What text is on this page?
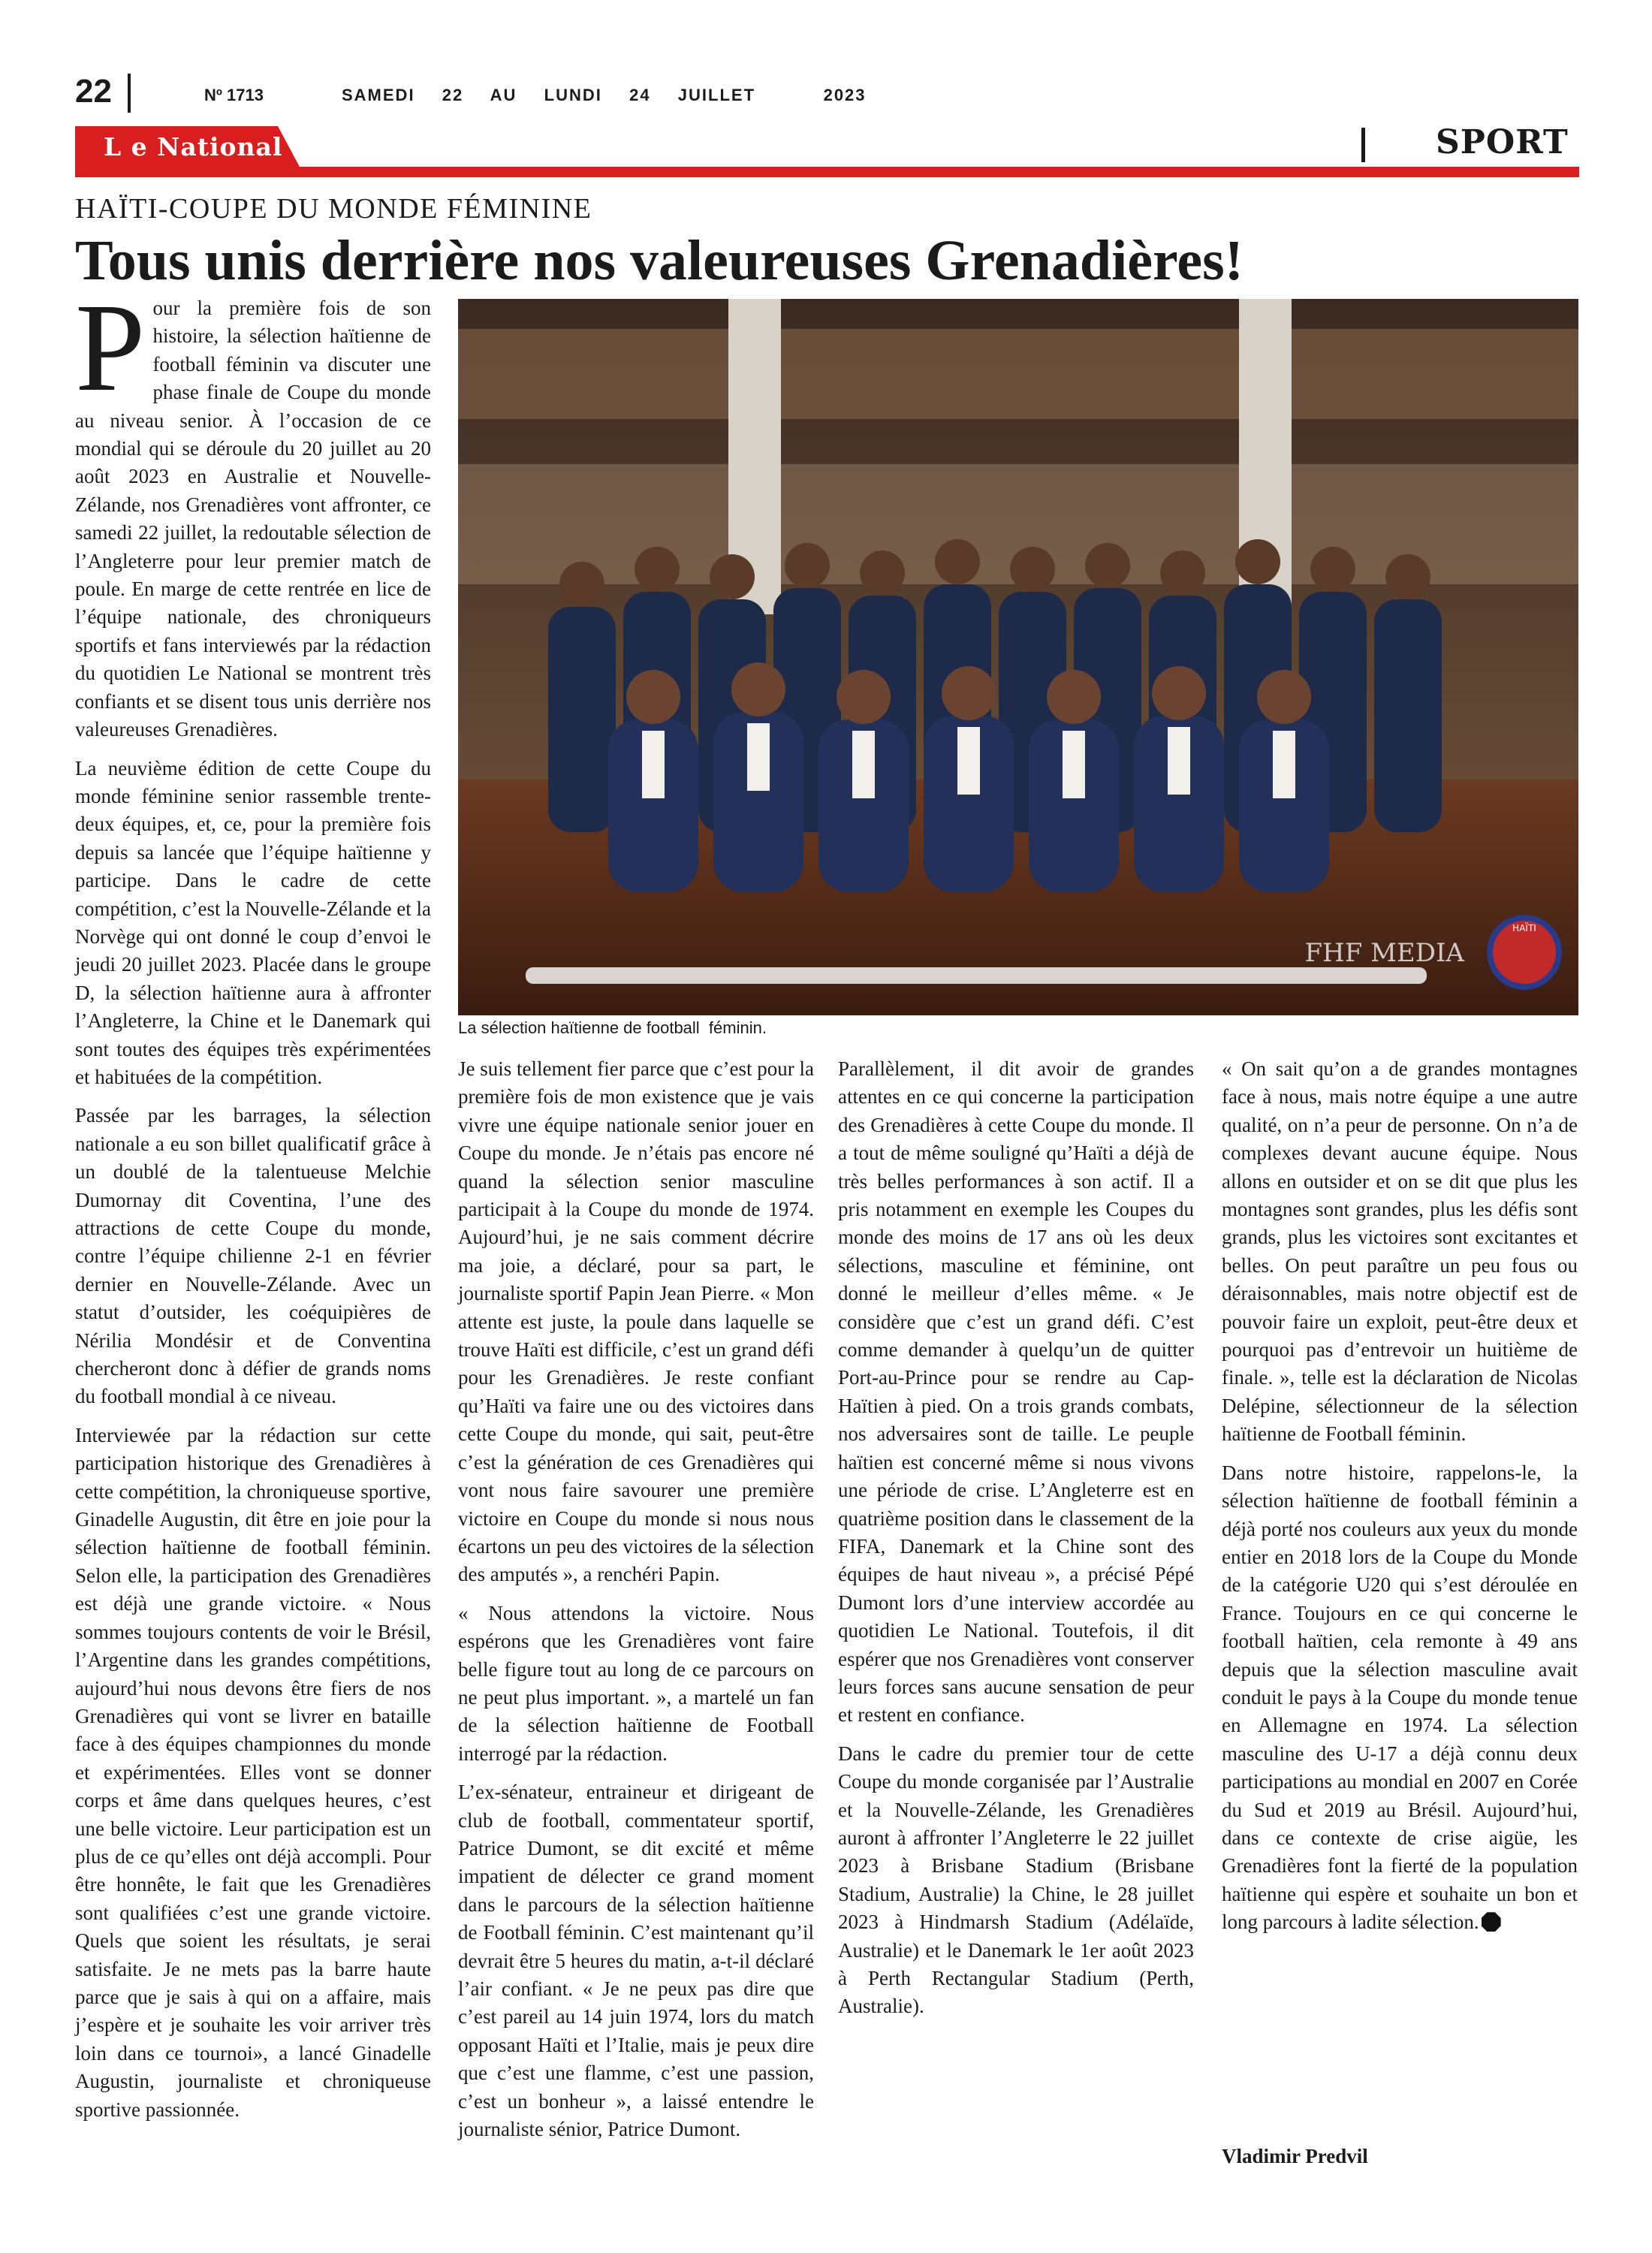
22	Nº 1713	SAMEDI  22  AU  LUNDI  24  JUILLET     2023
L e National	SPORT
HAÏTI-COUPE DU MONDE FÉMININE
Tous unis derrière nos valeureuses Grenadières!
FHF MEDIA
HAÏTI
La sélection haïtienne de football  féminin.

Pour la première fois de son histoire, la sélection haïtienne de football féminin va discuter une phase finale de Coupe du monde au niveau senior. À l’occasion de ce mondial qui se déroule du 20 juillet au 20 août 2023 en Australie et Nouvelle-Zélande, nos Grenadières vont affronter, ce samedi 22 juillet, la redoutable sélection de l’Angleterre pour leur premier match de poule. En marge de cette rentrée en lice de l’équipe nationale, des chroniqueurs sportifs et fans interviewés par la rédaction du quotidien Le National se montrent très confiants et se disent tous unis derrière nos valeureuses Grenadières.

La neuvième édition de cette Coupe du monde féminine senior rassemble trente-deux équipes, et, ce, pour la première fois depuis sa lancée que l’équipe haïtienne y participe. Dans le cadre de cette compétition, c’est la Nouvelle-Zélande et la Norvège qui ont donné le coup d’envoi le jeudi 20 juillet 2023. Placée dans le groupe D, la sélection haïtienne aura à affronter l’Angleterre, la Chine et le Danemark qui sont toutes des équipes très expérimentées et habituées de la compétition.

Passée par les barrages, la sélection nationale a eu son billet qualificatif grâce à un doublé de la talentueuse Melchie Dumornay dit Coventina, l’une des attractions de cette Coupe du monde, contre l’équipe chilienne 2-1 en février dernier en Nouvelle-Zélande. Avec un statut d’outsider, les coéquipières de Nérilia Mondésir et de Conventina chercheront donc à défier de grands noms du football mondial à ce niveau.

Interviewée par la rédaction sur cette participation historique des Grenadières à cette compétition, la chroniqueuse sportive, Ginadelle Augustin, dit être en joie pour la sélection haïtienne de football féminin. Selon elle, la participation des Grenadières est déjà une grande victoire. « Nous sommes toujours contents de voir le Brésil, l’Argentine dans les grandes compétitions, aujourd’hui nous devons être fiers de nos Grenadières qui vont se livrer en bataille face à des équipes championnes du monde et expérimentées. Elles vont se donner corps et âme dans quelques heures, c’est une belle victoire. Leur participation est un plus de ce qu’elles ont déjà accompli. Pour être honnête, le fait que les Grenadières sont qualifiées c’est une grande victoire. Quels que soient les résultats, je serai satisfaite. Je ne mets pas la barre haute parce que je sais à qui on a affaire, mais j’espère et je souhaite les voir arriver très loin dans ce tournoi», a lancé Ginadelle Augustin, journaliste et chroniqueuse sportive passionnée.

Je suis tellement fier parce que c’est pour la première fois de mon existence que je vais vivre une équipe nationale senior jouer en Coupe du monde. Je n’étais pas encore né quand la sélection senior masculine participait à la Coupe du monde de 1974. Aujourd’hui, je ne sais comment décrire ma joie, a déclaré, pour sa part, le journaliste sportif Papin Jean Pierre. « Mon attente est juste, la poule dans laquelle se trouve Haïti est difficile, c’est un grand défi pour les Grenadières. Je reste confiant qu’Haïti va faire une ou des victoires dans cette Coupe du monde, qui sait, peut-être c’est la génération de ces Grenadières qui vont nous faire savourer une première victoire en Coupe du monde si nous nous écartons un peu des victoires de la sélection des amputés », a renchéri Papin.

« Nous attendons la victoire. Nous espérons que les Grenadières vont faire belle figure tout au long de ce parcours on ne peut plus important. », a martelé un fan de la sélection haïtienne de Football interrogé par la rédaction.

L’ex-sénateur, entraineur et dirigeant de club de football, commentateur sportif, Patrice Dumont, se dit excité et même impatient de délecter ce grand moment dans le parcours de la sélection haïtienne de Football féminin. C’est maintenant qu’il devrait être 5 heures du matin, a-t-il déclaré l’air confiant. « Je ne peux pas dire que c’est pareil au 14 juin 1974, lors du match opposant Haïti et l’Italie, mais je peux dire que c’est une flamme, c’est une passion, c’est un bonheur », a laissé entendre le journaliste sénior, Patrice Dumont.

Parallèlement, il dit avoir de grandes attentes en ce qui concerne la participation des Grenadières à cette Coupe du monde. Il a tout de même souligné qu’Haïti a déjà de très belles performances à son actif. Il a pris notamment en exemple les Coupes du monde des moins de 17 ans où les deux sélections, masculine et féminine, ont donné le meilleur d’elles même. « Je considère que c’est un grand défi. C’est comme demander à quelqu’un de quitter Port-au-Prince pour se rendre au Cap-Haïtien à pied. On a trois grands combats, nos adversaires sont de taille. Le peuple haïtien est concerné même si nous vivons une période de crise. L’Angleterre est en quatrième position dans le classement de la FIFA, Danemark et la Chine sont des équipes de haut niveau », a précisé Pépé Dumont lors d’une interview accordée au quotidien Le National. Toutefois, il dit espérer que nos Grenadières vont conserver leurs forces sans aucune sensation de peur et restent en confiance.

Dans le cadre du premier tour de cette Coupe du monde corganisée par l’Australie et la Nouvelle-Zélande, les Grenadières auront à affronter l’Angleterre le 22 juillet 2023 à Brisbane Stadium (Brisbane Stadium, Australie) la Chine, le 28 juillet 2023 à Hindmarsh Stadium (Adélaïde, Australie) et le Danemark le 1er août 2023 à Perth Rectangular Stadium (Perth, Australie).

« On sait qu’on a de grandes montagnes face à nous, mais notre équipe a une autre qualité, on n’a peur de personne. On n’a de complexes devant aucune équipe. Nous allons en outsider et on se dit que plus les montagnes sont grandes, plus les défis sont grands, plus les victoires sont excitantes et belles. On peut paraître un peu fous ou déraisonnables, mais notre objectif est de pouvoir faire un exploit, peut-être deux et pourquoi pas d’entrevoir un huitième de finale. », telle est la déclaration de Nicolas Delépine, sélectionneur de la sélection haïtienne de Football féminin.

Dans notre histoire, rappelons-le, la sélection haïtienne de football féminin a déjà porté nos couleurs aux yeux du monde entier en 2018 lors de la Coupe du Monde de la catégorie U20 qui s’est déroulée en France. Toujours en ce qui concerne le football haïtien, cela remonte à 49 ans depuis que la sélection masculine avait conduit le pays à la Coupe du monde tenue en Allemagne en 1974. La sélection masculine des U-17 a déjà connu deux participations au mondial en 2007 en Corée du Sud et 2019 au Brésil. Aujourd’hui, dans ce contexte de crise aigüe, les Grenadières font la fierté de la population haïtienne qui espère et souhaite un bon et long parcours à ladite sélection.

Vladimir Predvil
